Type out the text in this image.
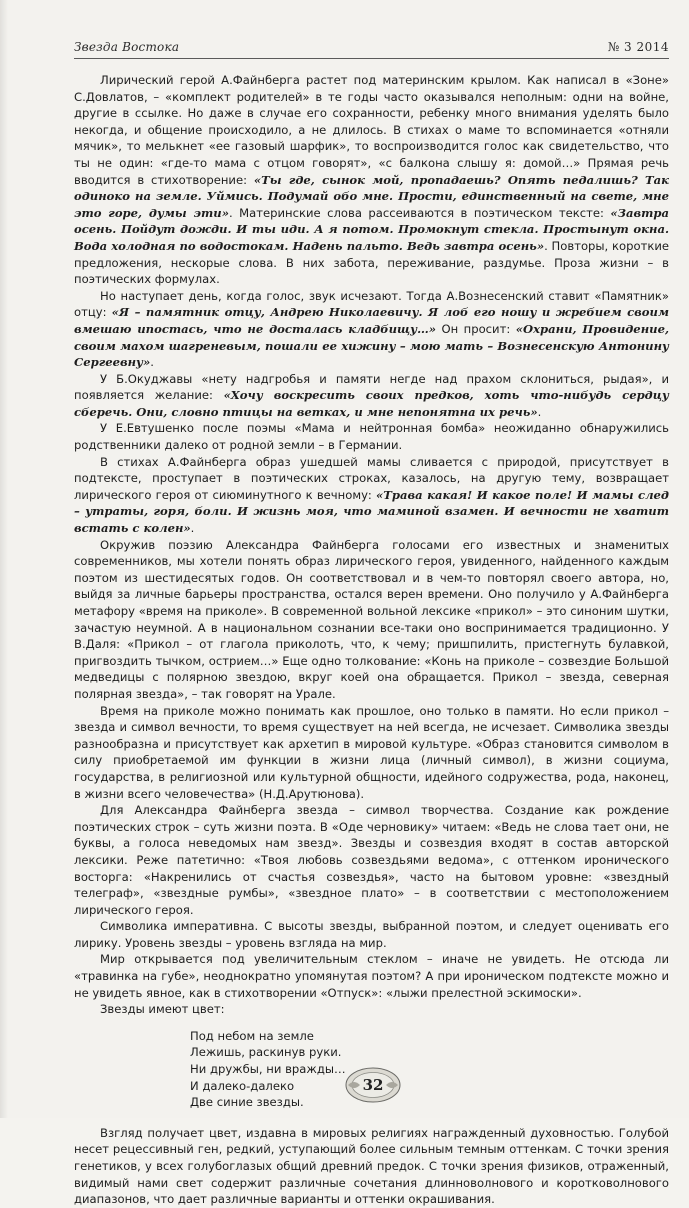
Звезда Востока	№ 3 2014

Лирический герой А.Файнберга растет под материнским крылом. Как написал в «Зоне» С.Довлатов, – «комплект родителей» в те годы часто оказывался неполным: одни на войне, другие в ссылке. Но даже в случае его сохранности, ребенку много внимания уделять было некогда, и общение происходило, а не длилось. В стихах о маме то вспоминается «отняли мячик», то мелькнет «ее газовый шарфик», то воспроизводится голос как свидетельство, что ты не один: «где-то мама с отцом говорят», «с балкона слышу я: домой…» Прямая речь вводится в стихотворение: «Ты где, сынок мой, пропадаешь? Опять педалишь? Так одиноко на земле. Уймись. Подумай обо мне. Прости, единственный на свете, мне это горе, думы эти». Материнские слова рассеиваются в поэтическом тексте: «Завтра осень. Пойдут дожди. И ты иди. А я потом. Промокнут стекла. Простынут окна. Вода холодная по водостокам. Надень пальто. Ведь завтра осень». Повторы, короткие предложения, нескорые слова. В них забота, переживание, раздумье. Проза жизни – в поэтических формулах.

Но наступает день, когда голос, звук исчезают. Тогда А.Вознесенский ставит «Памятник» отцу: «Я – памятник отцу, Андрею Николаевичу. Я лоб его ношу и жребием своим вмешаю ипостась, что не досталась кладбищу…» Он просит: «Охрани, Провидение, своим махом шагреневым, пошали ее хижину – мою мать – Вознесенскую Антонину Сергеевну».

У Б.Окуджавы «нету надгробья и памяти негде над прахом склониться, рыдая», и появляется желание: «Хочу воскресить своих предков, хоть что-нибудь сердцу сберечь. Они, словно птицы на ветках, и мне непонятна их речь».

У Е.Евтушенко после поэмы «Мама и нейтронная бомба» неожиданно обнаружились родственники далеко от родной земли – в Германии.

В стихах А.Файнберга образ ушедшей мамы сливается с природой, присутствует в подтексте, проступает в поэтических строках, казалось, на другую тему, возвращает лирического героя от сиюминутного к вечному: «Трава какая! И какое поле! И мамы след – утраты, горя, боли. И жизнь моя, что маминой взамен. И вечности не хватит встать с колен».

Окружив поэзию Александра Файнберга голосами его известных и знаменитых современников, мы хотели понять образ лирического героя, увиденного, найденного каждым поэтом из шестидесятых годов. Он соответствовал и в чем-то повторял своего автора, но, выйдя за личные барьеры пространства, остался верен времени. Оно получило у А.Файнберга метафору «время на приколе». В современной вольной лексике «прикол» – это синоним шутки, зачастую неумной. А в национальном сознании все-таки оно воспринимается традиционно. У В.Даля: «Прикол – от глагола приколоть, что, к чему; пришпилить, пристегнуть булавкой, пригвоздить тычком, острием…» Еще одно толкование: «Конь на приколе – созвездие Большой медведицы с полярною звездою, вкруг коей она обращается. Прикол – звезда, северная полярная звезда», – так говорят на Урале.

Время на приколе можно понимать как прошлое, оно только в памяти. Но если прикол – звезда и символ вечности, то время существует на ней всегда, не исчезает. Символика звезды разнообразна и присутствует как архетип в мировой культуре. «Образ становится символом в силу приобретаемой им функции в жизни лица (личный символ), в жизни социума, государства, в религиозной или культурной общности, идейного содружества, рода, наконец, в жизни всего человечества» (Н.Д.Арутюнова).

Для Александра Файнберга звезда – символ творчества. Создание как рождение поэтических строк – суть жизни поэта. В «Оде черновику» читаем: «Ведь не слова тает они, не буквы, а голоса неведомых нам звезд». Звезды и созвездия входят в состав авторской лексики. Реже патетично: «Твоя любовь созвездьями ведома», с оттенком иронического восторга: «Накренились от счастья созвездья», часто на бытовом уровне: «звездный телеграф», «звездные румбы», «звездное плато» – в соответствии с местоположением лирического героя.

Символика императивна. С высоты звезды, выбранной поэтом, и следует оценивать его лирику. Уровень звезды – уровень взгляда на мир.

Мир открывается под увеличительным стеклом – иначе не увидеть. Не отсюда ли «травинка на губе», неоднократно упомянутая поэтом? А при ироническом подтексте можно и не увидеть явное, как в стихотворении «Отпуск»: «лыжи прелестной эскимоски».

Звезды имеют цвет:

Под небом на земле
Лежишь, раскинув руки.
Ни дружбы, ни вражды…
И далеко-далеко
Две синие звезды.

Взгляд получает цвет, издавна в мировых религиях награжденный духовностью. Голубой несет рецессивный ген, редкий, уступающий более сильным темным оттенкам. С точки зрения генетиков, у всех голубоглазых общий древний предок. С точки зрения физиков, отраженный, видимый нами свет содержит различные сочетания длинноволнового и коротковолнового диапазонов, что дает различные варианты и оттенки окрашивания.

32
